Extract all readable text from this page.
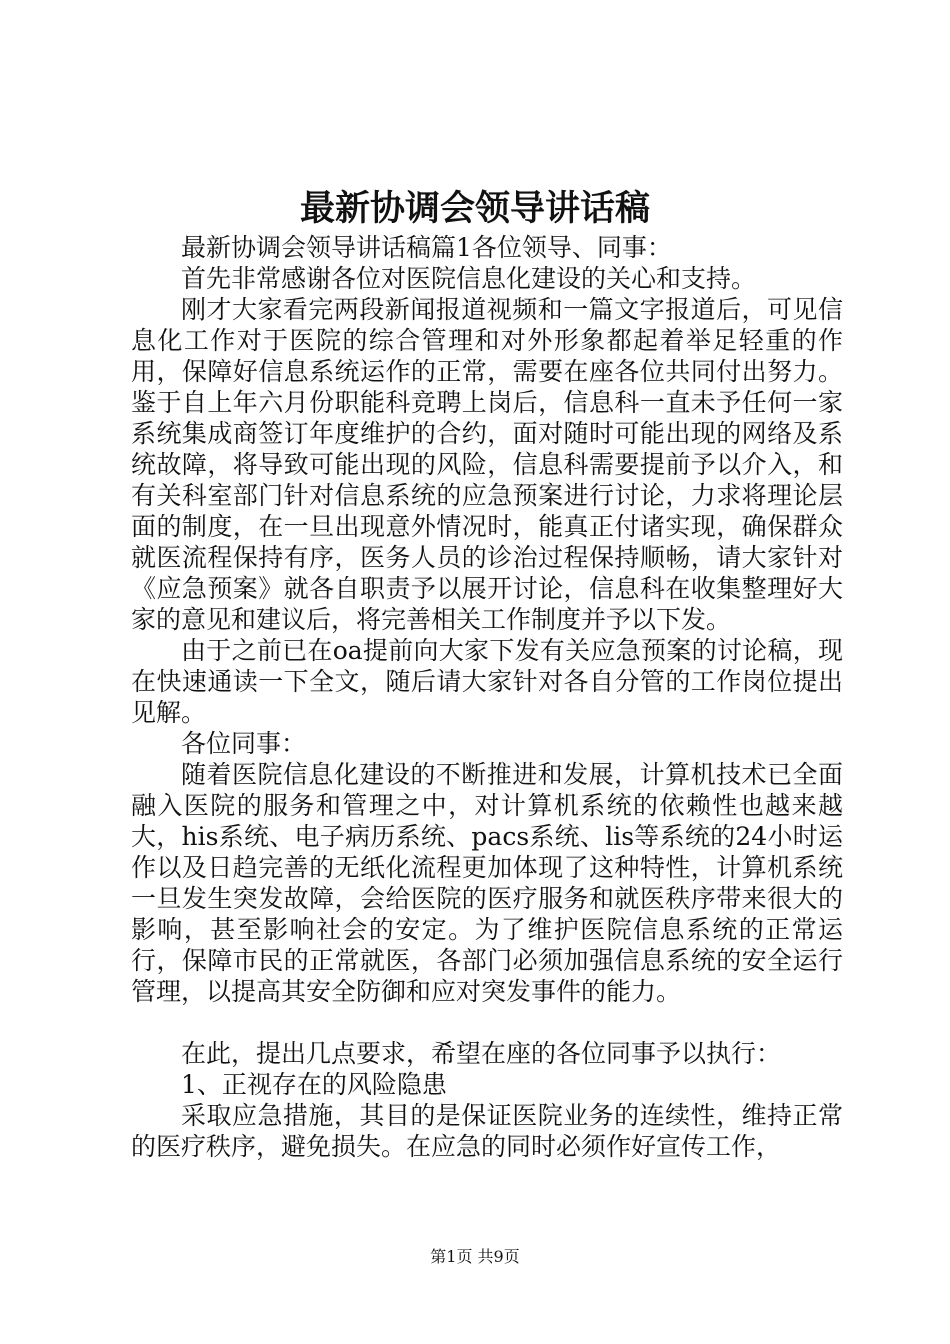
最新协调会领导讲话稿

最新协调会领导讲话稿篇1各位领导、同事：

首先非常感谢各位对医院信息化建设的关心和支持。

刚才大家看完两段新闻报道视频和一篇文字报道后，可见信息化工作对于医院的综合管理和对外形象都起着举足轻重的作用，保障好信息系统运作的正常，需要在座各位共同付出努力。鉴于自上年六月份职能科竞聘上岗后，信息科一直未予任何一家系统集成商签订年度维护的合约，面对随时可能出现的网络及系统故障，将导致可能出现的风险，信息科需要提前予以介入，和有关科室部门针对信息系统的应急预案进行讨论，力求将理论层面的制度，在一旦出现意外情况时，能真正付诸实现，确保群众就医流程保持有序，医务人员的诊治过程保持顺畅，请大家针对《应急预案》就各自职责予以展开讨论，信息科在收集整理好大家的意见和建议后，将完善相关工作制度并予以下发。

由于之前已在oa提前向大家下发有关应急预案的讨论稿，现在快速通读一下全文，随后请大家针对各自分管的工作岗位提出见解。

各位同事：

随着医院信息化建设的不断推进和发展，计算机技术已全面融入医院的服务和管理之中，对计算机系统的依赖性也越来越大，his系统、电子病历系统、pacs系统、lis等系统的24小时运作以及日趋完善的无纸化流程更加体现了这种特性，计算机系统一旦发生突发故障，会给医院的医疗服务和就医秩序带来很大的影响，甚至影响社会的安定。为了维护医院信息系统的正常运行，保障市民的正常就医，各部门必须加强信息系统的安全运行管理，以提高其安全防御和应对突发事件的能力。

在此，提出几点要求，希望在座的各位同事予以执行：

1、正视存在的风险隐患

采取应急措施，其目的是保证医院业务的连续性，维持正常的医疗秩序，避免损失。在应急的同时必须作好宣传工作，

第1页 共9页
